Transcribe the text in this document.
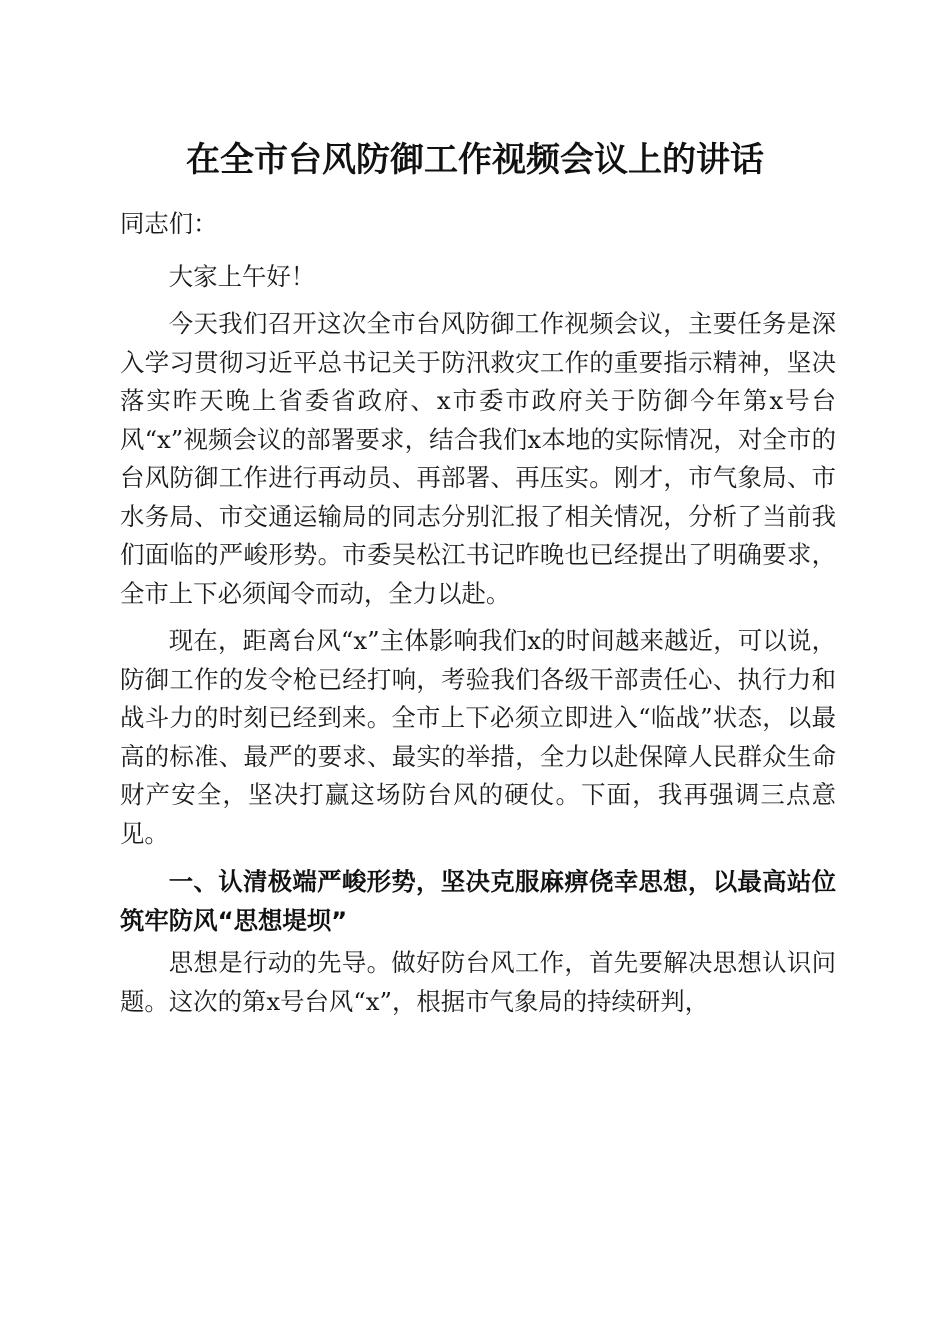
在全市台风防御工作视频会议上的讲话

同志们：

大家上午好！

今天我们召开这次全市台风防御工作视频会议，主要任务是深入学习贯彻习近平总书记关于防汛救灾工作的重要指示精神，坚决落实昨天晚上省委省政府、x市委市政府关于防御今年第x号台风“x”视频会议的部署要求，结合我们x本地的实际情况，对全市的台风防御工作进行再动员、再部署、再压实。刚才，市气象局、市水务局、市交通运输局的同志分别汇报了相关情况，分析了当前我们面临的严峻形势。市委吴松江书记昨晚也已经提出了明确要求，全市上下必须闻令而动，全力以赴。

现在，距离台风“x”主体影响我们x的时间越来越近，可以说，防御工作的发令枪已经打响，考验我们各级干部责任心、执行力和战斗力的时刻已经到来。全市上下必须立即进入“临战”状态，以最高的标准、最严的要求、最实的举措，全力以赴保障人民群众生命财产安全，坚决打赢这场防台风的硬仗。下面，我再强调三点意见。

一、认清极端严峻形势，坚决克服麻痹侥幸思想，以最高站位筑牢防风“思想堤坝”

思想是行动的先导。做好防台风工作，首先要解决思想认识问题。这次的第x号台风“x”，根据市气象局的持续研判，
